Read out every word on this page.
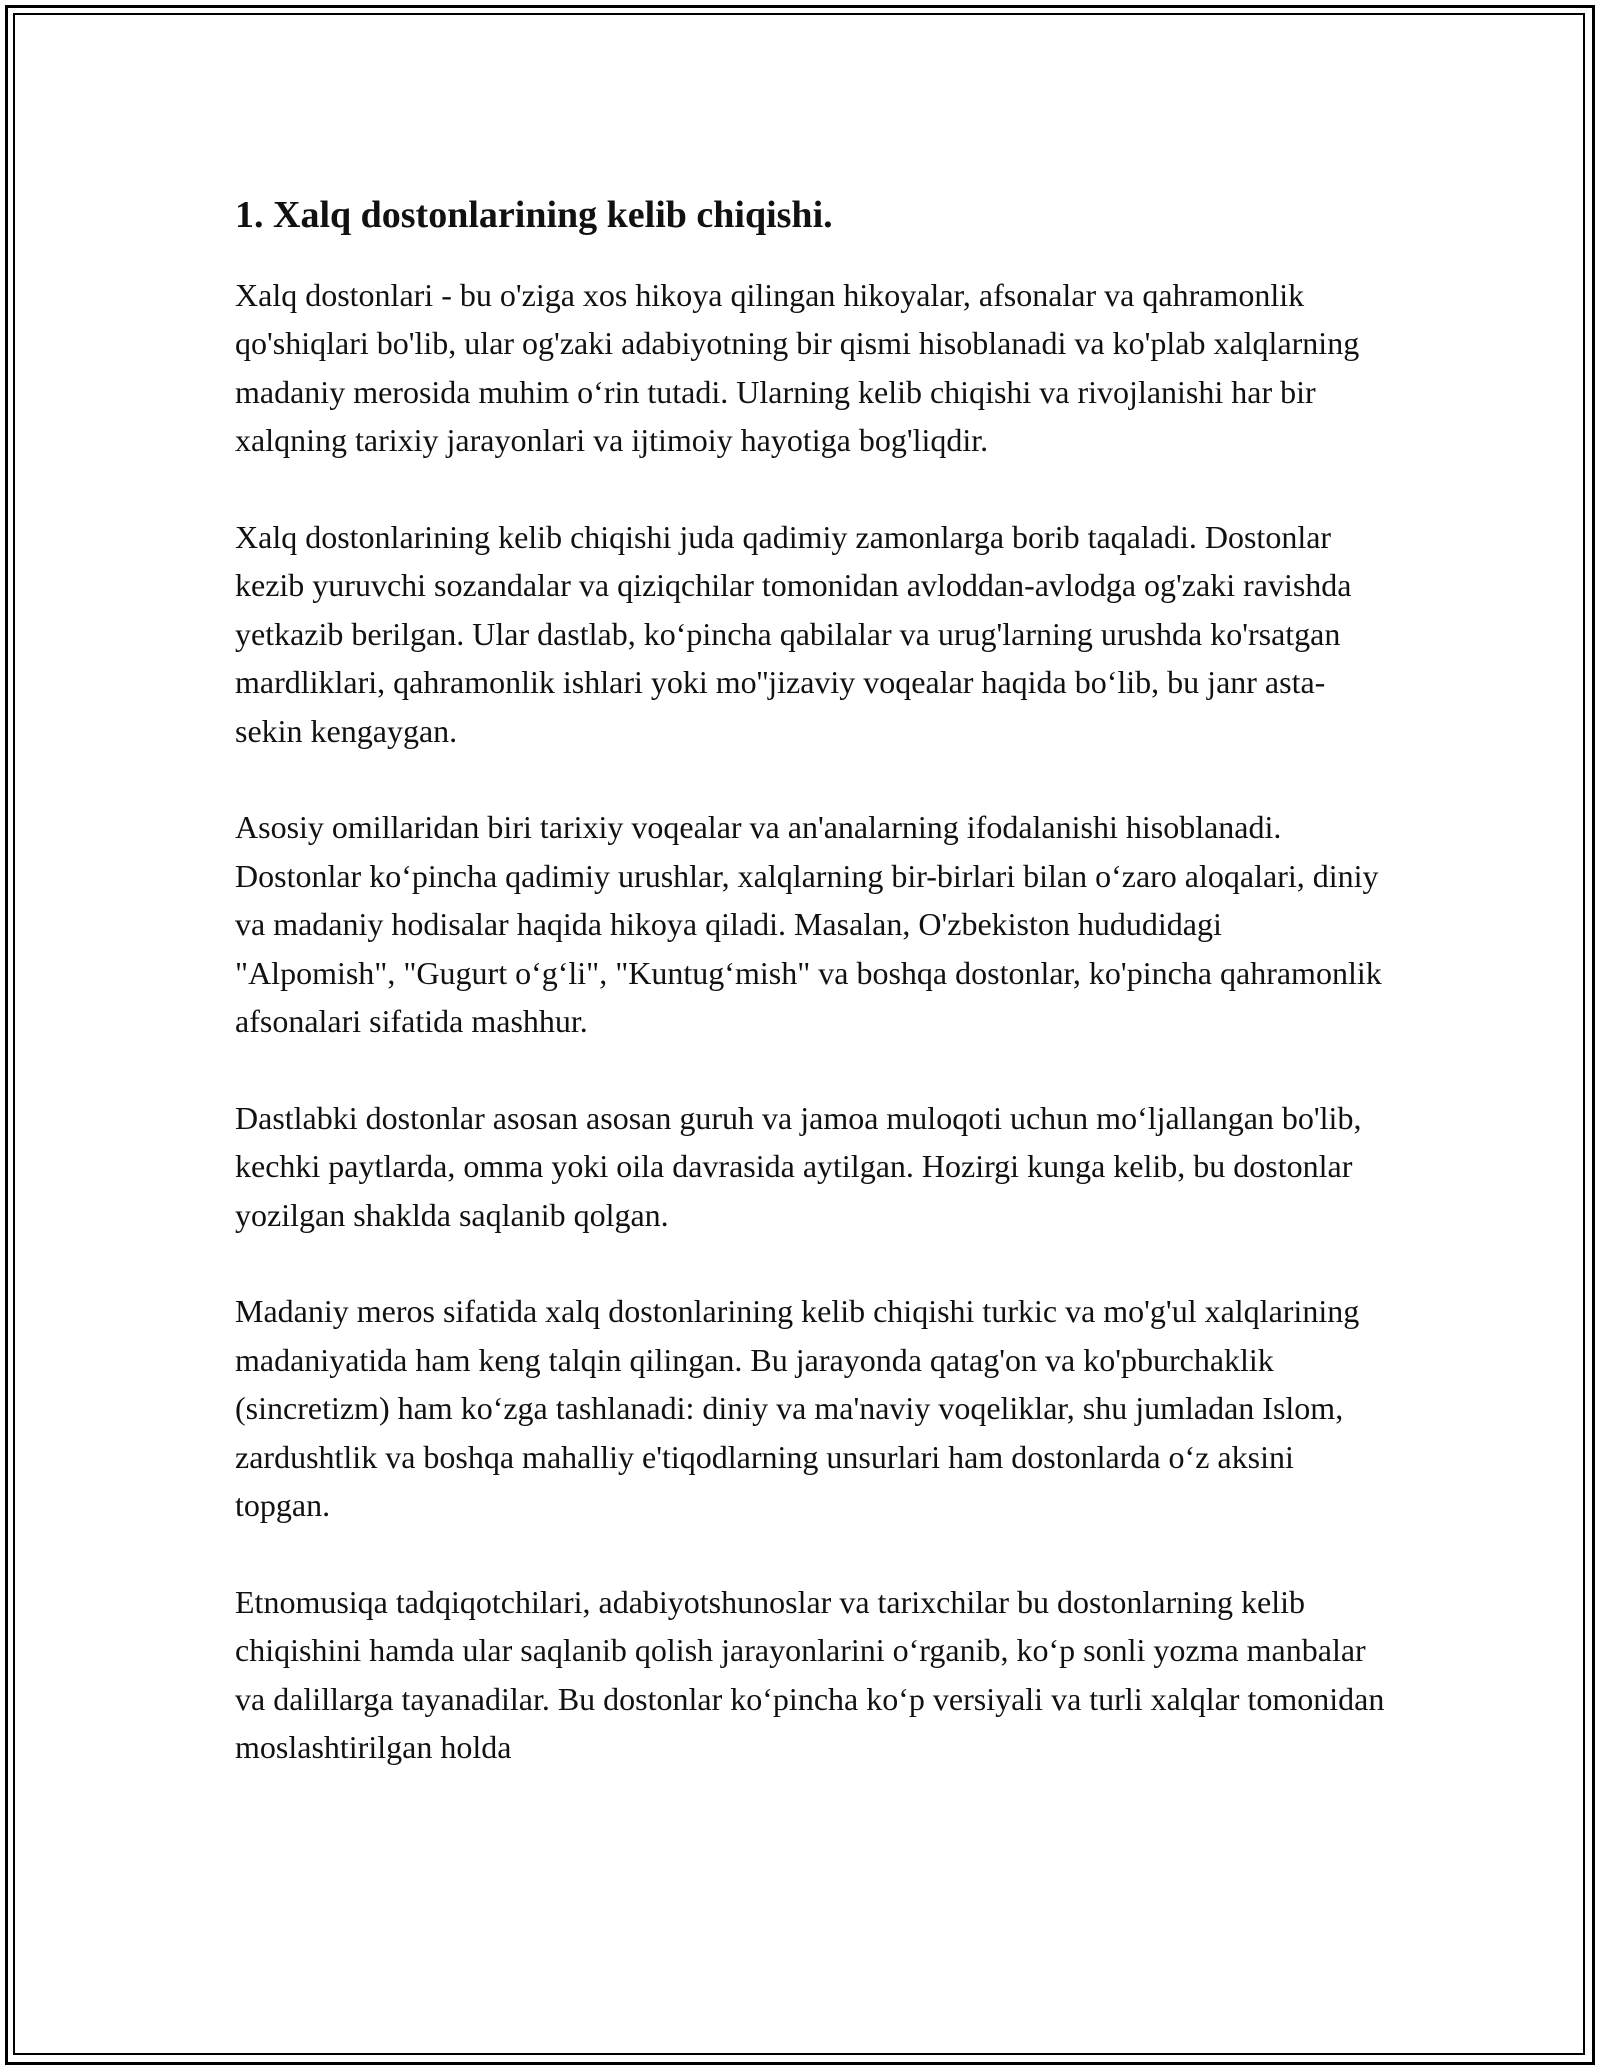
1. Xalq dostonlarining kelib chiqishi.

Xalq dostonlari - bu o'ziga xos hikoya qilingan hikoyalar, afsonalar va qahramonlik qo'shiqlari bo'lib, ular og'zaki adabiyotning bir qismi hisoblanadi va ko'plab xalqlarning madaniy merosida muhim o‘rin tutadi. Ularning kelib chiqishi va rivojlanishi har bir xalqning tarixiy jarayonlari va ijtimoiy hayotiga bog'liqdir.

Xalq dostonlarining kelib chiqishi juda qadimiy zamonlarga borib taqaladi. Dostonlar kezib yuruvchi sozandalar va qiziqchilar tomonidan avloddan-avlodga og'zaki ravishda yetkazib berilgan. Ular dastlab, ko‘pincha qabilalar va urug'larning urushda ko'rsatgan mardliklari, qahramonlik ishlari yoki mo''jizaviy voqealar haqida bo‘lib, bu janr asta-sekin kengaygan.

Asosiy omillaridan biri tarixiy voqealar va an'analarning ifodalanishi hisoblanadi. Dostonlar ko‘pincha qadimiy urushlar, xalqlarning bir-birlari bilan o‘zaro aloqalari, diniy va madaniy hodisalar haqida hikoya qiladi. Masalan, O'zbekiston hududidagi "Alpomish", "Gugurt o‘g‘li", "Kuntug‘mish" va boshqa dostonlar, ko'pincha qahramonlik afsonalari sifatida mashhur.

Dastlabki dostonlar asosan asosan guruh va jamoa muloqoti uchun mo‘ljallangan bo'lib, kechki paytlarda, omma yoki oila davrasida aytilgan. Hozirgi kunga kelib, bu dostonlar yozilgan shaklda saqlanib qolgan.

Madaniy meros sifatida xalq dostonlarining kelib chiqishi turkic va mo'g'ul xalqlarining madaniyatida ham keng talqin qilingan. Bu jarayonda qatag'on va ko'pburchaklik (sincretizm) ham ko‘zga tashlanadi: diniy va ma'naviy voqeliklar, shu jumladan Islom, zardushtlik va boshqa mahalliy e'tiqodlarning unsurlari ham dostonlarda o‘z aksini topgan.

Etnomusiqa tadqiqotchilari, adabiyotshunoslar va tarixchilar bu dostonlarning kelib chiqishini hamda ular saqlanib qolish jarayonlarini o‘rganib, ko‘p sonli yozma manbalar va dalillarga tayanadilar. Bu dostonlar ko‘pincha ko‘p versiyali va turli xalqlar tomonidan moslashtirilgan holda
